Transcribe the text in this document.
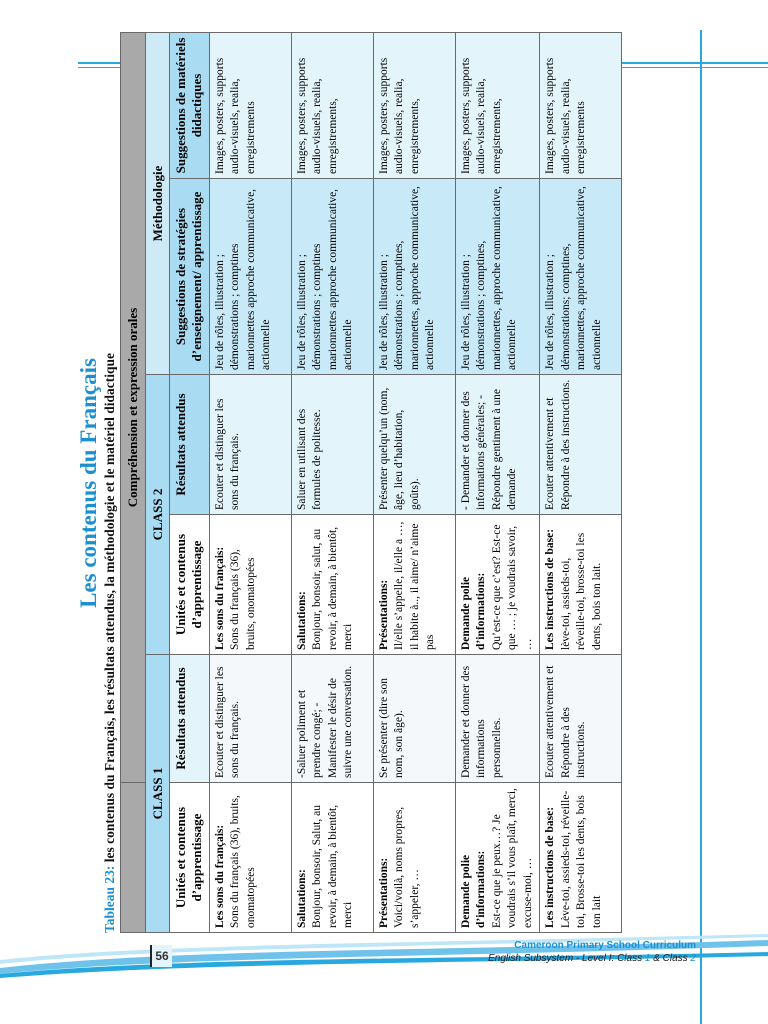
Les contenus du Français
Tableau 23: les contenus du Français, les résultats attendus, la méthodologie et le matériel didactique
	Compréhension et expression orales				
CLASS 1		CLASS 2		Méthodologie	
Unités et contenus d’apprentissage	Résultats attendus	Unités et contenus d’apprentissage	Résultats attendus	Suggestions de stratégies d’enseignement/ apprentissage	Suggestions de matériels didactiques
Les sons du français: Sons du français (36), bruits, onomatopées	Ecouter et distinguer les sons du français.	Les sons du français: Sons du français (36), bruits, onomatopées	Ecouter et distinguer les sons du français.	Jeu de rôles, illustration ; démonstrations ; comptines marionnettes approche communicative, actionnelle	Images, posters, supports audio-visuels, realia, enregistrements
Salutations: Bonjour, bonsoir, Salut, au revoir, à demain, à bientôt, merci	-Saluer poliment et prendre congé; -Manifester le désir de suivre une conversation.	Salutations: Bonjour, bonsoir, salut, au revoir, à demain, à bientôt, merci	Saluer en utilisant des formules de politesse.	Jeu de rôles, illustration ; démonstrations ; comptines marionnettes approche communicative, actionnelle	Images, posters, supports audio-visuels, realia, enregistrements,
Présentations: Voici/voilà, noms propres, s’appeler, …	Se présenter (dire son nom, son âge).	Présentations: Il/elle s’appelle, il/elle a …, il habite à.., il aime/ n’aime pas	Présenter quelqu’un (nom, âge, lieu d’habitation, goûts).	Jeu de rôles, illustration ; démonstrations ; comptines, marionnettes, approche communicative, actionnelle	Images, posters, supports audio-visuels, realia, enregistrements,
Demande polie d’informations: Est-ce que je peux…? Je voudrais s’il vous plaît, merci, excuse-moi, …	Demander et donner des informations personnelles.	Demande polie d’informations: Qu’est-ce que c’est? Est-ce que … ; je voudrais savoir, …	- Demander et donner des informations générales; - Répondre gentiment à une demande	Jeu de rôles, illustration ; démonstrations ; comptines, marionnettes, approche communicative, actionnelle	Images, posters, supports audio-visuels, realia, enregistrements,
Les instructions de base: Lève-toi, assieds-toi, réveille-toi, Brosse-toi les dents, bois ton lait	Ecouter attentivement et Répondre à des instructions.	Les instructions de base: lève-toi, assieds-toi, réveille-toi, brosse-toi les dents, bois ton lait.	Ecouter attentivement et Répondre à des instructions.	Jeu de rôles, illustration ; démonstrations; comptines, marionnettes, approche communicative, actionnelle	Images, posters, supports audio-visuels, realia, enregistrements
56
Cameroon Primary School Curriculum
English Subsystem - Level I: Class 1 & Class 2
